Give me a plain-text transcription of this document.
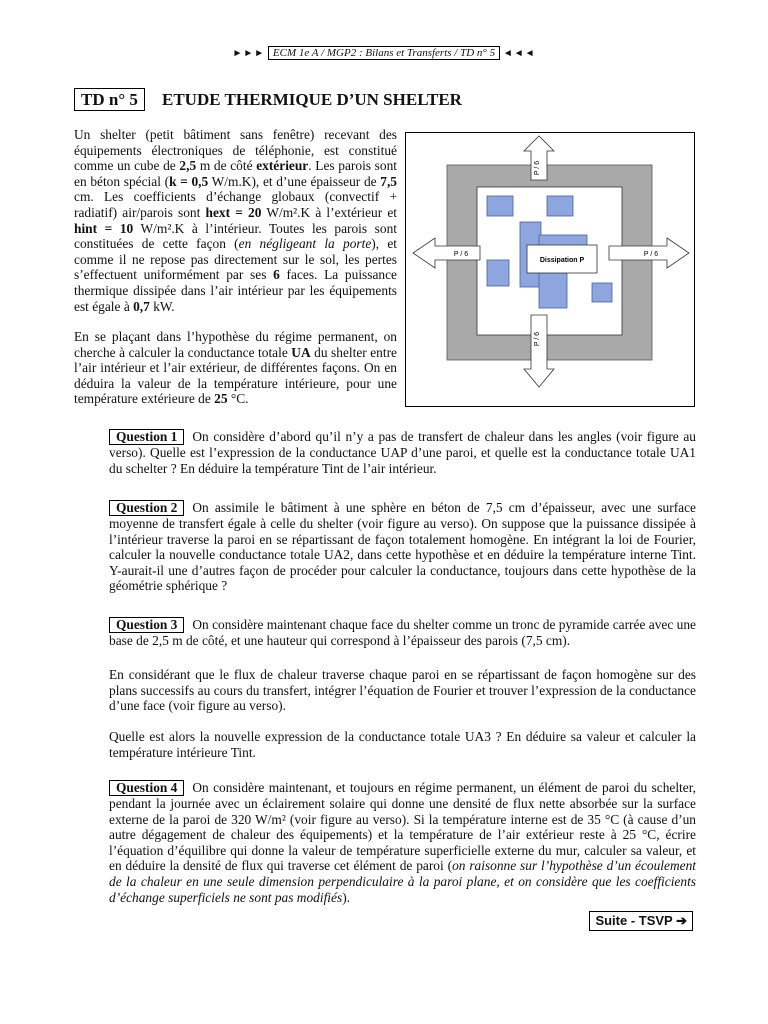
►►► ECM 1e A / MGP2 : Bilans et Transferts / TD n° 5 ◄◄◄
TD n° 5	ETUDE THERMIQUE D’UN SHELTER
Un shelter (petit bâtiment sans fenêtre) recevant des équipements électroniques de téléphonie, est constitué comme un cube de 2,5 m de côté extérieur. Les parois sont en béton spécial (k = 0,5 W/m.K), et d’une épaisseur de 7,5 cm. Les coefficients d’échange globaux (convectif + radiatif) air/parois sont hext = 20 W/m².K à l’extérieur et hint = 10 W/m².K à l’intérieur. Toutes les parois sont constituées de cette façon (en négligeant la porte), et comme il ne repose pas directement sur le sol, les pertes s’effectuent uniformément par ses 6 faces. La puissance thermique dissipée dans l’air intérieur par les équipements est égale à 0,7 kW.
En se plaçant dans l’hypothèse du régime permanent, on cherche à calculer la conductance totale UA du shelter entre l’air intérieur et l’air extérieur, de différentes façons. On en déduira la valeur de la température intérieure, pour une température extérieure de 25 °C.
Dissipation P
P / 6
P / 6
P / 6	P / 6
Question 1 On considère d’abord qu’il n’y a pas de transfert de chaleur dans les angles (voir figure au verso). Quelle est l’expression de la conductance UAP d’une paroi, et quelle est la conductance totale UA1 du schelter ? En déduire la température Tint de l’air intérieur.
Question 2 On assimile le bâtiment à une sphère en béton de 7,5 cm d’épaisseur, avec une surface moyenne de transfert égale à celle du shelter (voir figure au verso). On suppose que la puissance dissipée à l’intérieur traverse la paroi en se répartissant de façon totalement homogène. En intégrant la loi de Fourier, calculer la nouvelle conductance totale UA2, dans cette hypothèse et en déduire la température interne Tint. Y-aurait-il une d’autres façon de procéder pour calculer la conductance, toujours dans cette hypothèse de la géométrie sphérique ?
Question 3 On considère maintenant chaque face du shelter comme un tronc de pyramide carrée avec une base de 2,5 m de côté, et une hauteur qui correspond à l’épaisseur des parois (7,5 cm).
En considérant que le flux de chaleur traverse chaque paroi en se répartissant de façon homogène sur des plans successifs au cours du transfert, intégrer l’équation de Fourier et trouver l’expression de la conductance d’une face (voir figure au verso).
Quelle est alors la nouvelle expression de la conductance totale UA3 ? En déduire sa valeur et calculer la température intérieure Tint.
Question 4 On considère maintenant, et toujours en régime permanent, un élément de paroi du schelter, pendant la journée avec un éclairement solaire qui donne une densité de flux nette absorbée sur la surface externe de la paroi de 320 W/m² (voir figure au verso). Si la température interne est de 35 °C (à cause d’un autre dégagement de chaleur des équipements) et la température de l’air extérieur reste à 25 °C, écrire l’équation d’équilibre qui donne la valeur de température superficielle externe du mur, calculer sa valeur, et en déduire la densité de flux qui traverse cet élément de paroi (on raisonne sur l’hypothèse d’un écoulement de la chaleur en une seule dimension perpendiculaire à la paroi plane, et on considère que les coefficients d’échange superficiels ne sont pas modifiés).
Suite - TSVP ➔
